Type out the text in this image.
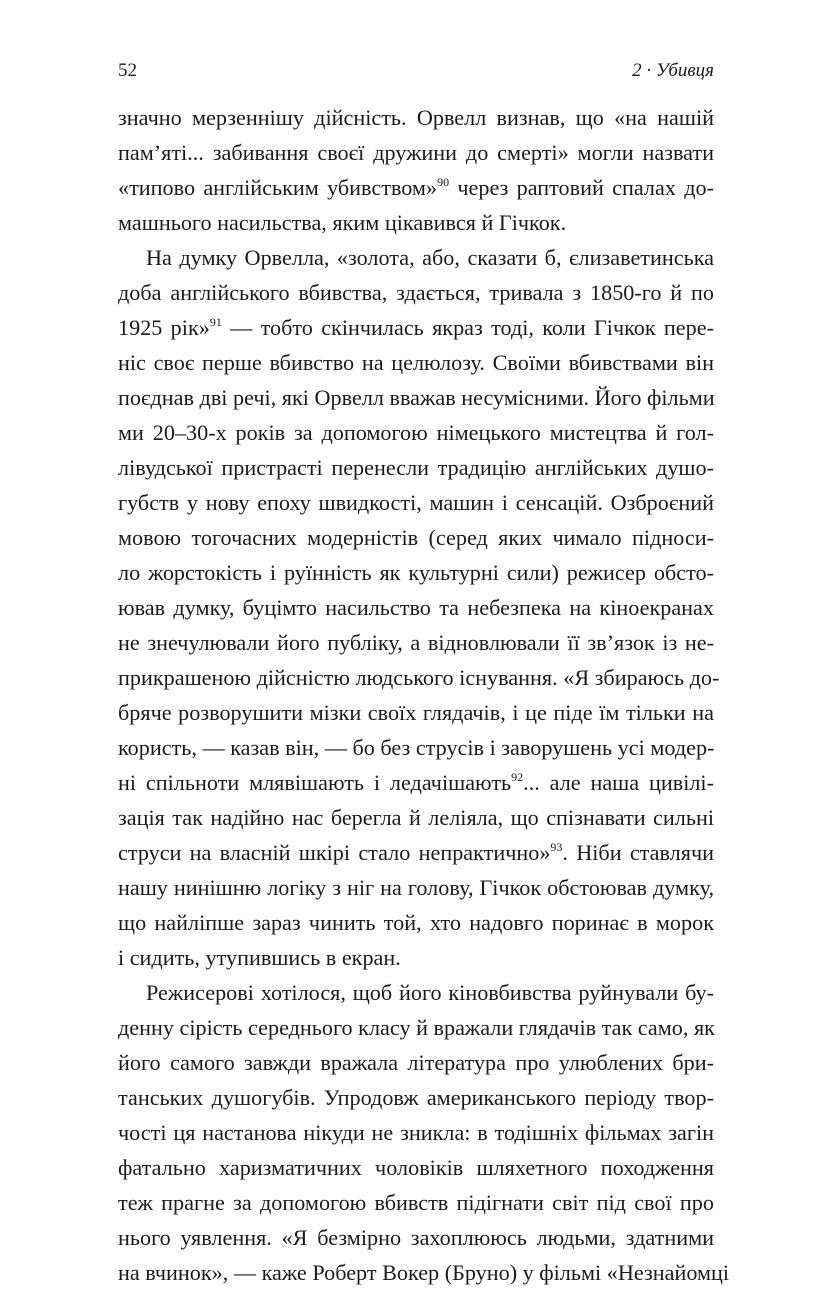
52	2 · Убивця
значно мерзеннішу дійсність. Орвелл визнав, що «на нашій
пам’яті... забивання своєї дружини до смерті» могли назвати
«типово англійським убивством»$^{90}$ через раптовий спалах до-
машнього насильства, яким цікавився й Гічкок.
На думку Орвелла, «золота, або, сказати б, єлизаветинська
доба англійського вбивства, здається, тривала з 1850-го й по
1925 рік»$^{91}$ — тобто скінчилась якраз тоді, коли Гічкок пере-
ніс своє перше вбивство на целюлозу. Своїми вбивствами він
поєднав дві речі, які Орвелл вважав несумісними. Його фільми
ми 20–30-х років за допомогою німецького мистецтва й гол-
лівудської пристрасті перенесли традицію англійських душо-
губств у нову епоху швидкості, машин і сенсацій. Озброєний
мовою тогочасних модерністів (серед яких чимало підноси-
ло жорстокість і руїнність як культурні сили) режисер обсто-
ював думку, буцімто насильство та небезпека на кіноекранах
не знечулювали його публіку, а відновлювали її зв’язок із не-
прикрашеною дійсністю людського існування. «Я збираюсь до-
бряче розворушити мізки своїх глядачів, і це піде їм тільки на
користь, — казав він, — бо без струсів і заворушень усі модер-
ні спільноти млявішають і ледачішають$^{92}$... але наша цивілі-
зація так надійно нас берегла й леліяла, що спізнавати сильні
струси на власній шкірі стало непрактично»$^{93}$. Ніби ставлячи
нашу нинішню логіку з ніг на голову, Гічкок обстоював думку,
що найліпше зараз чинить той, хто надовго поринає в морок
і сидить, утупившись в екран.
Режисерові хотілося, щоб його кіновбивства руйнували бу-
денну сірість середнього класу й вражали глядачів так само, як
його самого завжди вражала література про улюблених бри-
танських душогубів. Упродовж американського періоду твор-
чості ця настанова нікуди не зникла: в тодішніх фільмах загін
фатально харизматичних чоловіків шляхетного походження
теж прагне за допомогою вбивств підігнати світ під свої про
нього уявлення. «Я безмірно захоплююсь людьми, здатними
на вчинок», — каже Роберт Вокер (Бруно) у фільмі «Незнайомці
